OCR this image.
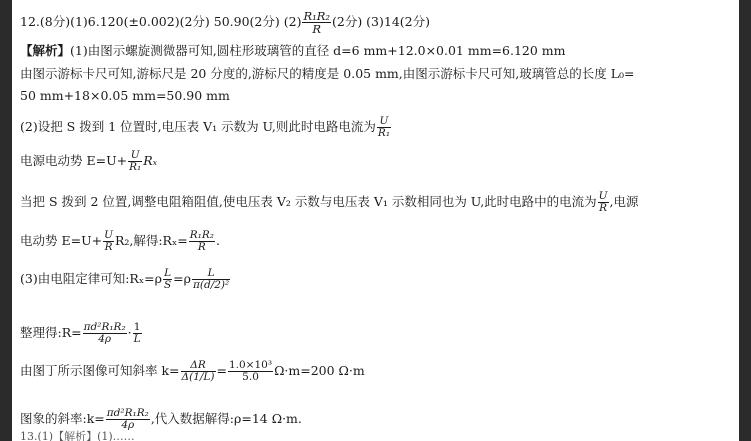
12.(8分)(1)6.120(±0.002)(2分) 50.90(2分) $(2) \frac{\text{R₁R₂}}{R} (2$分) (3)14(2分)
【解析】(1)由图示螺旋测微器可知,圆柱形玻璃管的直径 d=6 mm+12.0×0.01 mm=6.120 mm
由图示游标卡尺可知,游标尺是 20 分度的,游标尺的精度是 0.05 mm,由图示游标卡尺可知,玻璃管总的长度 L₀=
50 mm+18×0.05 mm=50.90 mm
(2)设把 S 拨到 1 位置时,电压表 V₁ 示数为 U,则此时电路电流为 $\frac{U}{\text{R₁}}$
电源电动势 $E=U+ \frac{U}{\text{R₁}}$ Rₓ
当把 S 拨到 2 位置,调整电阻箱阻值,使电压表 V₂ 示数与电压表 V₁ 示数相同也为 U,此时电路中的电流为 $\frac{U}{R}$ ,电源
电动势 $E=U+ \frac{U}{R} R_2$,解得:Rₓ= $\frac{\text{R₁R₂}}{R}$ .
(3)由电阻定律可知:Rₓ=ρ $\frac{L}{S} =\rho \frac{L}{\text{π(d/2)²}}$
整理得:R= $\frac{\text{πd²R₁R₂}}{4\rho} \cdot \frac{1}{L}$
由图丁所示图像可知斜率 $k= \frac{\Delta R}{\Delta(1/L)} = \frac{\text{1.0×10³}}{5.0} \Omega\cdot m=200$ Ω·m
图象的斜率:k= $\frac{\text{πd²R₁R₂}}{4\rho}$ ,代入数据解得:ρ=14 Ω·m.
13.(1)【解析】(1)……
